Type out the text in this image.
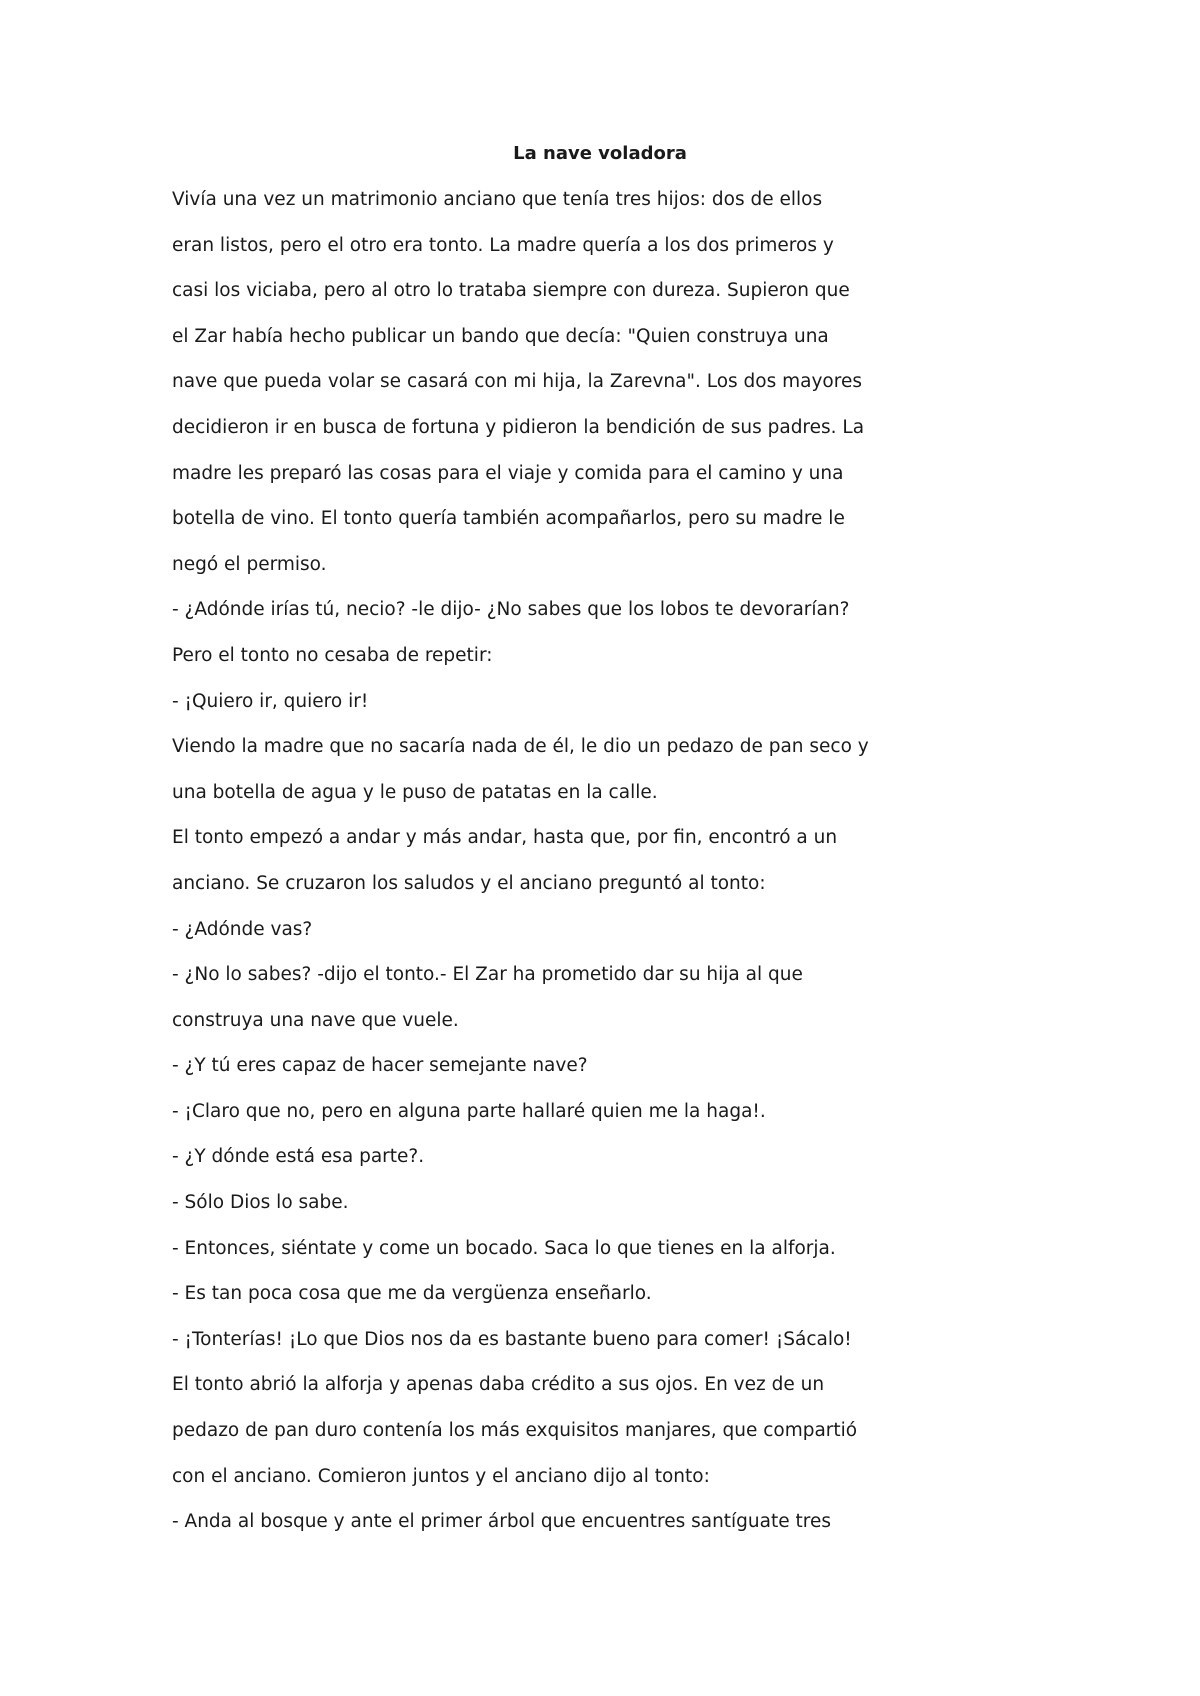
La nave voladora
Vivía una vez un matrimonio anciano que tenía tres hijos: dos de ellos
eran listos, pero el otro era tonto. La madre quería a los dos primeros y
casi los viciaba, pero al otro lo trataba siempre con dureza. Supieron que
el Zar había hecho publicar un bando que decía: "Quien construya una
nave que pueda volar se casará con mi hija, la Zarevna". Los dos mayores
decidieron ir en busca de fortuna y pidieron la bendición de sus padres. La
madre les preparó las cosas para el viaje y comida para el camino y una
botella de vino. El tonto quería también acompañarlos, pero su madre le
negó el permiso.
- ¿Adónde irías tú, necio? -le dijo- ¿No sabes que los lobos te devorarían?
Pero el tonto no cesaba de repetir:
- ¡Quiero ir, quiero ir!
Viendo la madre que no sacaría nada de él, le dio un pedazo de pan seco y
una botella de agua y le puso de patatas en la calle.
El tonto empezó a andar y más andar, hasta que, por fin, encontró a un
anciano. Se cruzaron los saludos y el anciano preguntó al tonto:
- ¿Adónde vas?
- ¿No lo sabes? -dijo el tonto.- El Zar ha prometido dar su hija al que
construya una nave que vuele.
- ¿Y tú eres capaz de hacer semejante nave?
- ¡Claro que no, pero en alguna parte hallaré quien me la haga!.
- ¿Y dónde está esa parte?.
- Sólo Dios lo sabe.
- Entonces, siéntate y come un bocado. Saca lo que tienes en la alforja.
- Es tan poca cosa que me da vergüenza enseñarlo.
- ¡Tonterías! ¡Lo que Dios nos da es bastante bueno para comer! ¡Sácalo!
El tonto abrió la alforja y apenas daba crédito a sus ojos. En vez de un
pedazo de pan duro contenía los más exquisitos manjares, que compartió
con el anciano. Comieron juntos y el anciano dijo al tonto:
- Anda al bosque y ante el primer árbol que encuentres santíguate tres
